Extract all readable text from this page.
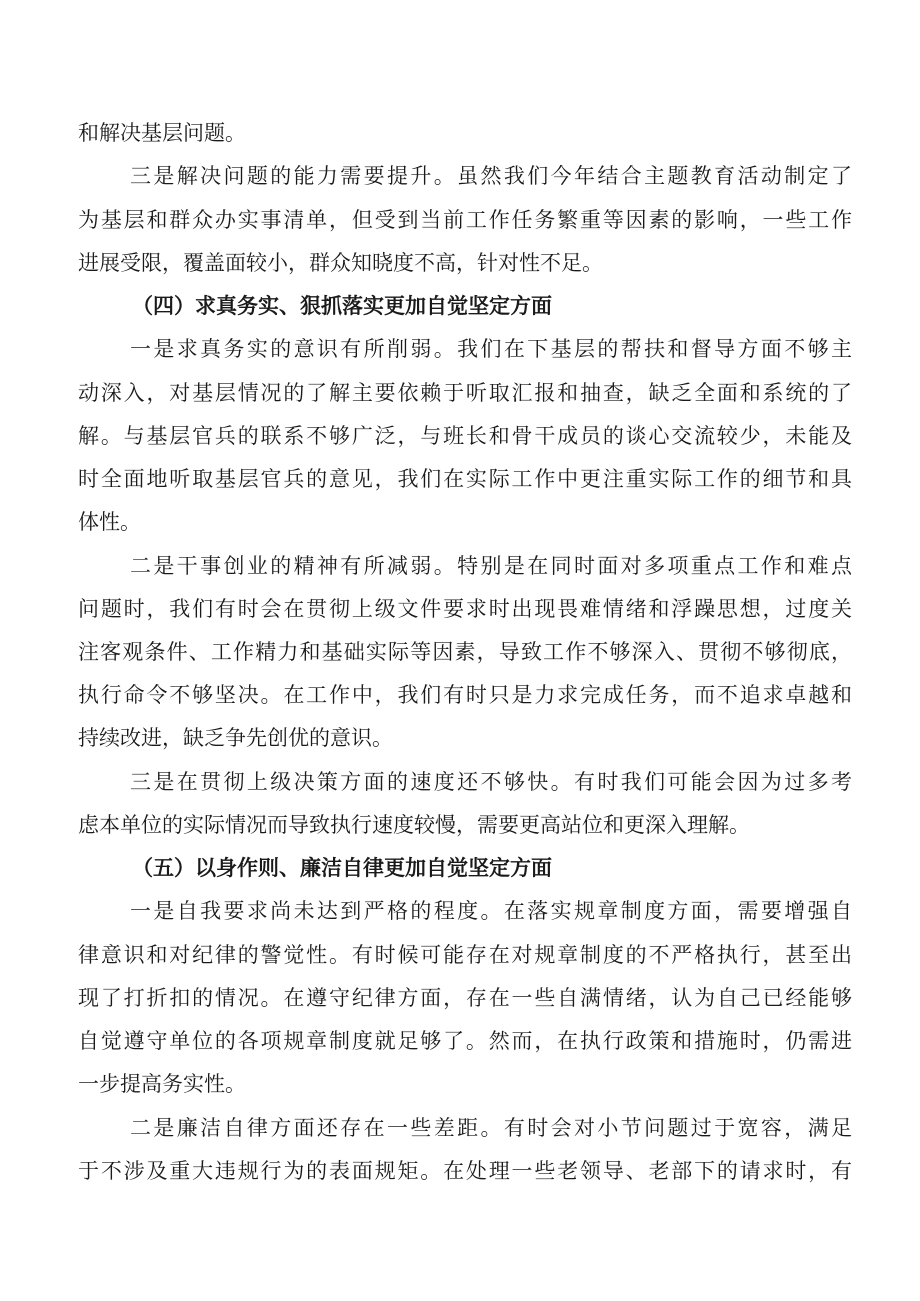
和解决基层问题。
三是解决问题的能力需要提升。虽然我们今年结合主题教育活动制定了
为基层和群众办实事清单，但受到当前工作任务繁重等因素的影响，一些工作
进展受限，覆盖面较小，群众知晓度不高，针对性不足。
（四）求真务实、狠抓落实更加自觉坚定方面
一是求真务实的意识有所削弱。我们在下基层的帮扶和督导方面不够主
动深入，对基层情况的了解主要依赖于听取汇报和抽查，缺乏全面和系统的了
解。与基层官兵的联系不够广泛，与班长和骨干成员的谈心交流较少，未能及
时全面地听取基层官兵的意见，我们在实际工作中更注重实际工作的细节和具
体性。
二是干事创业的精神有所减弱。特别是在同时面对多项重点工作和难点
问题时，我们有时会在贯彻上级文件要求时出现畏难情绪和浮躁思想，过度关
注客观条件、工作精力和基础实际等因素，导致工作不够深入、贯彻不够彻底，
执行命令不够坚决。在工作中，我们有时只是力求完成任务，而不追求卓越和
持续改进，缺乏争先创优的意识。
三是在贯彻上级决策方面的速度还不够快。有时我们可能会因为过多考
虑本单位的实际情况而导致执行速度较慢，需要更高站位和更深入理解。
（五）以身作则、廉洁自律更加自觉坚定方面
一是自我要求尚未达到严格的程度。在落实规章制度方面，需要增强自
律意识和对纪律的警觉性。有时候可能存在对规章制度的不严格执行，甚至出
现了打折扣的情况。在遵守纪律方面，存在一些自满情绪，认为自己已经能够
自觉遵守单位的各项规章制度就足够了。然而，在执行政策和措施时，仍需进
一步提高务实性。
二是廉洁自律方面还存在一些差距。有时会对小节问题过于宽容，满足
于不涉及重大违规行为的表面规矩。在处理一些老领导、老部下的请求时，有
